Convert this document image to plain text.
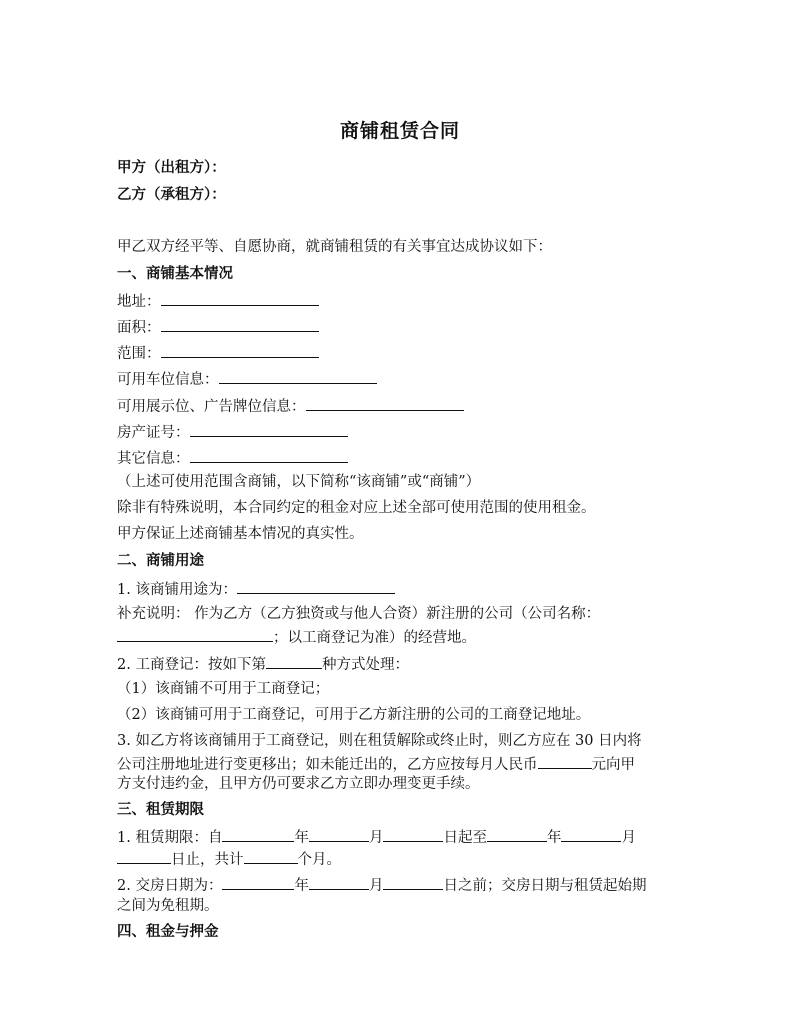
商铺租赁合同
甲方（出租方）：
乙方（承租方）：
甲乙双方经平等、自愿协商，就商铺租赁的有关事宜达成协议如下：
一、商铺基本情况
地址：
面积：
范围：
可用车位信息：
可用展示位、广告牌位信息：
房产证号：
其它信息：
（上述可使用范围含商铺，以下简称“该商铺”或“商铺”）
除非有特殊说明，本合同约定的租金对应上述全部可使用范围的使用租金。
甲方保证上述商铺基本情况的真实性。
二、商铺用途
1. 该商铺用途为：
补充说明： 作为乙方（乙方独资或与他人合资）新注册的公司（公司名称：
；以工商登记为准）的经营地。
2. 工商登记：按如下第	种方式处理：
（1）该商铺不可用于工商登记；
（2）该商铺可用于工商登记，可用于乙方新注册的公司的工商登记地址。
3. 如乙方将该商铺用于工商登记，则在租赁解除或终止时，则乙方应在 30 日内将
公司注册地址进行变更移出；如未能迁出的，乙方应按每月人民币	元向甲
方支付违约金，且甲方仍可要求乙方立即办理变更手续。
三、租赁期限
1. 租赁期限：自	年	月	日起至	年	月
日止，共计	个月。
2. 交房日期为：	年	月	日之前；交房日期与租赁起始期
之间为免租期。
四、租金与押金
